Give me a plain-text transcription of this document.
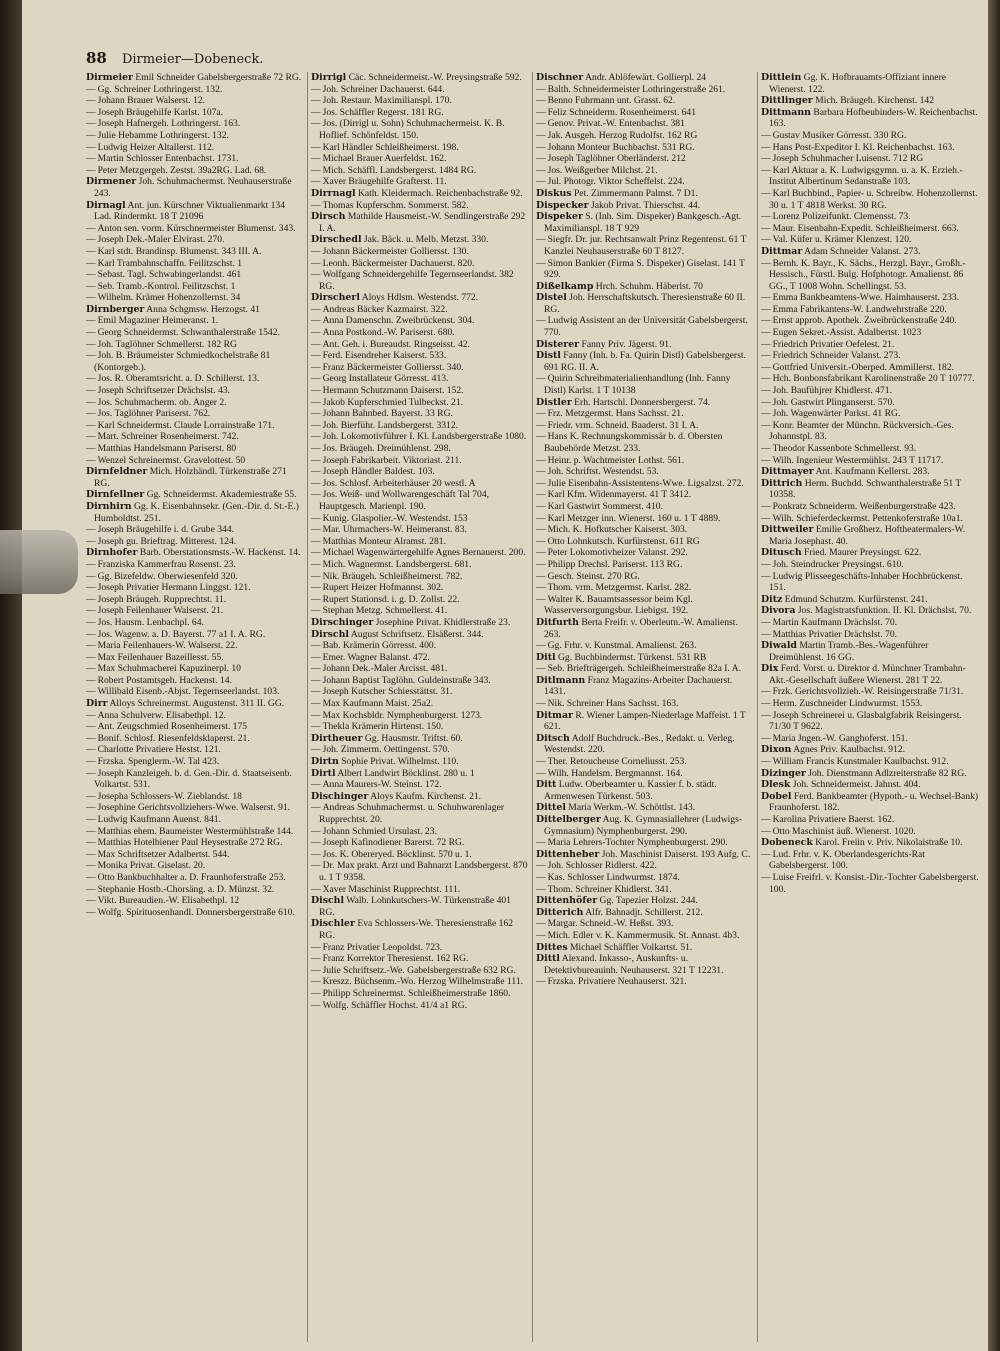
88 Dirmeier—Dobeneck.
Dirmeier Emil Schneider Gabelsbergerstraße 72 RG.
— Gg. Schreiner Lothringerst. 132.
— Johann Brauer Walserst. 12.
— Joseph Bräugehilfe Karlst. 107a.
— Joseph Hafnergeh. Lothringerst. 163.
— Julie Hebamme Lothringerst. 132.
— Ludwig Heizer Altallerst. 112.
— Martin Schlosser Entenbachst. 1731.
— Peter Metzgergeh. Zestst. 39a2RG. Lad. 68.
Dirmener Joh. Schuhmachermst. Neuhauserstraße 243.
Dirnagl Ant. jun. Kürschner Viktualienmarkt 134 Lad. Rindermkt. 18 T 21096
— Anton sen. vorm. Kürschnermeister Blumenst. 343.
— Joseph Dek.-Maler Elvirast. 270.
— Karl stdt. Brandinsp. Blumenst. 343 III. A.
— Karl Trambahnschaffn. Feilitzschst. 1
— Sebast. Tagl. Schwabingerlandst. 461
— Seb. Tramb.-Kontrol. Feilitzschst. 1
— Wilhelm. Krämer Hohenzollernst. 34
Dirnberger Anna Schgmsw. Herzogst. 41
— Emil Magaziner Heimeranst. 1.
— Georg Schneidermst. Schwanthalerstraße 1542.
— Joh. Taglöhner Schmellerst. 182 RG
— Joh. B. Bräumeister Schmiedkochelstraße 81 (Kontorgeb.).
— Jos. R. Oberamtsricht. a. D. Schillerst. 13.
— Joseph Schriftsetzer Drächslst. 43.
— Jos. Schuhmacherm. ob. Anger 2.
— Jos. Taglöhner Pariserst. 762.
— Karl Schneidermst. Claude Lorrainstraße 171.
— Mart. Schreiner Rosenheimerst. 742.
— Matthias Handelsmann Pariserst. 80
— Wenzel Schreinermst. Gravelottest. 50
Dirnfeldner Mich. Holzhändl. Türkenstraße 271 RG.
Dirnfellner Gg. Schneidermst. Akademiestraße 55.
Dirnhirn Gg. K. Eisenbahnsekr. (Gen.-Dir. d. St.-E.) Humboldtst. 251.
— Joseph Bräugehilfe i. d. Grube 344.
— Joseph gu. Brieftrag. Mitterest. 124.
Dirnhofer Barb. Oberstationsmsts.-W. Hackenst. 14.
— Franziska Kammerfrau Rosenst. 23.
— Gg. Bizefeldw. Oberwiesenfeld 320.
— Joseph Privatier Hermann Linggst. 121.
— Joseph Bräugeh. Rupprechtst. 11.
— Joseph Feilenhauer Walserst. 21.
— Jos. Hausm. Lenbachpl. 64.
— Jos. Wagenw. a. D. Bayerst. 77 a1 I. A. RG.
— Maria Feilenhauers-W. Walserst. 22.
— Max Feilenhauer Bazeillesst. 55.
— Max Schuhmacherei Kapuzinerpl. 10
— Robert Postamtsgeh. Hackenst. 14.
— Willibald Eisenb.-Abjst. Tegernseerlandst. 103.
Dirr Alloys Schreinermst. Augustenst. 311 II. GG.
— Anna Schulverw. Elisabethpl. 12.
— Ant. Zeugschmied Rosenheimerst. 175
— Bonif. Schlosf. Riesenfeldsklaperst. 21.
— Charlotte Privatiere Hestst. 121.
— Frzska. Spenglerm.-W. Tal 423.
— Joseph Kanzleigeh. b. d. Gen.-Dir. d. Staatseisenb. Volkartst. 531.
— Josepha Schlossers-W. Zieblandst. 18
— Josephine Gerichtsvollziehers-Wwe. Walserst. 91.
— Ludwig Kaufmann Auenst. 841.
— Matthias ehem. Baumeister Westermühlstraße 144.
— Matthias Hotelbiener Paul Heysestraße 272 RG.
— Max Schriftsetzer Adalbertst. 544.
— Monika Privat. Giselast. 20.
— Otto Bankbuchhalter a. D. Fraunhoferstraße 253.
— Stephanie Hostb.-Chorsäng. a. D. Münzst. 32.
— Vikt. Bureaudien.-W. Elisabethpl. 12
— Wolfg. Spirituosenhandl. Donnersbergerstraße 610.
Dirrigl Cäc. Schneidermeist.-W. Preysingstraße 592.
— Joh. Schreiner Dachauerst. 644.
— Joh. Restaur. Maximilianspl. 170.
— Jos. Schäffler Regerst. 181 RG.
— Jos. (Dirrigl u. Sohn) Schuhmachermeist. K. B. Hoflief. Schönfeldst. 150.
— Karl Händler Schleißheimerst. 198.
— Michael Brauer Auerfeldst. 162.
— Mich. Schäffl. Landsbergerst. 1484 RG.
— Xaver Bräugehilfe Grafterst. 11.
Dirrnagl Kath. Kleidermach. Reichenbachstraße 92.
— Thomas Kupferschm. Sommerst. 582.
Dirsch Mathilde Hausmeist.-W. Sendlingerstraße 292 I. A.
Dirschedl Jak. Bäck. u. Melb. Metzst. 330.
— Johann Bäckermeister Golliersst. 130.
— Leonh. Bäckermeister Dachauerst. 820.
— Wolfgang Schneidergehilfe Tegernseerlandst. 382 RG.
Dirscherl Aloys Hdlsm. Westendst. 772.
— Andreas Bäcker Kazmairst. 322.
— Anna Damenschn. Zweibrückenst. 304.
— Anna Postkond.-W. Pariserst. 680.
— Ant. Geh. i. Bureaudst. Ringseisst. 42.
— Ferd. Eisendreher Kaiserst. 533.
— Franz Bäckermeister Golliersst. 340.
— Georg Installateur Görresst. 413.
— Hermann Schutzmann Daiserst. 152.
— Jakob Kupferschmied Tulbeckst. 21.
— Johann Bahnbed. Bayerst. 33 RG.
— Joh. Bierführ. Landsbergerst. 3312.
— Joh. Lokomotivführer I. Kl. Landsbergerstraße 1080.
— Jos. Bräugeh. Dreimühlenst. 298.
— Joseph Fabrikarbeit. Viktoriast. 211.
— Joseph Händler Baldest. 103.
— Jos. Schlosf. Arbeiterhäuser 20 westl. A
— Jos. Weiß- und Wollwarengeschäft Tal 704, Hauptgesch. Marienpl. 190.
— Kunig. Glaspolier.-W. Westendst. 153
— Mar. Uhrmachers-W. Heimeranst. 83.
— Matthias Monteur Alramst. 281.
— Michael Wagenwärtergehilfe Agnes Bernauerst. 200.
— Mich. Wagnermst. Landsbergerst. 681.
— Nik. Bräugeh. Schleißheimerst. 782.
— Rupert Heizer Hofmannst. 302.
— Rupert Stationsd. i. g. D. Zollst. 22.
— Stephan Metzg. Schmellerst. 41.
Dirschinger Josephine Privat. Khidlerstraße 23.
Dirschl August Schriftsetz. Elsäßerst. 344.
— Bab. Krämerin Görresst. 400.
— Emer. Wagner Balanst. 472.
— Johann Dek.-Maler Arcisst. 481.
— Johann Baptist Taglöhn. Guldeinstraße 343.
— Joseph Kutscher Schiesstättst. 31.
— Max Kaufmann Maist. 25a2.
— Max Kochsbldr. Nymphenburgerst. 1273.
— Thekla Krämerin Hirtenst. 150.
Dirtheuer Gg. Hausmstr. Triftst. 60.
— Joh. Zimmerm. Oettingenst. 570.
Dirtn Sophie Privat. Wilhelmst. 110.
Dirtl Albert Landwirt Böcklinst. 280 u. 1
— Anna Maurers-W. Steinst. 172.
Dischinger Aloys Kaufm. Kirchenst. 21.
— Andreas Schuhmachermst. u. Schuhwarenlager Rupprechtst. 20.
— Johann Schmied Ursulast. 23.
— Joseph Kafinodiener Barerst. 72 RG.
— Jos. K. Obereryed. Böcklinst. 570 u. 1.
— Dr. Max prakt. Arzt und Bahnarzt Landsbergerst. 870 u. 1 T 9358.
— Xaver Maschinist Rupprechtst. 111.
Dischl Walb. Lohnkutschers-W. Türkenstraße 401 RG.
Dischler Eva Schlossers-We. Theresienstraße 162 RG.
— Franz Privatier Leopoldst. 723.
— Franz Korrektor Theresienst. 162 RG.
— Julie Schriftsetz.-We. Gabelsbergerstraße 632 RG.
— Kreszz. Büchsenm.-Wo. Herzog Wilhelmstraße 111.
— Philipp Schreinermst. Schleißheimerstraße 1860.
— Wolfg. Schäffler Hochst. 41/4 a1 RG.
Dischner Andr. Ablöfewärt. Gollierpl. 24
— Balth. Schneidermeister Lothringerstraße 261.
— Benno Fuhrmann unt. Grasst. 62.
— Feliz Schneiderm. Rosenheimerst. 641
— Genov. Privat.-W. Entenbachst. 381
— Jak. Ausgeh. Herzog Rudolfst. 162 RG
— Johann Monteur Buchbachst. 531 RG.
— Joseph Taglöhner Oberländerst. 212
— Jos. Weißgerber Milchst. 21.
— Jul. Photogr. Viktor Scheffelst. 224.
Diskus Pet. Zimmermann Palmst. 7 D1.
Dispecker Jakob Privat. Thierschst. 44.
Dispeker S. (Inh. Sim. Dispeker) Bankgesch.-Agt. Maximilianspl. 18 T 929
— Siegfr. Dr. jur. Rechtsanwalt Prinz Regentenst. 61 T Kanzlei Neuhauserstraße 60 T 8127.
— Simon Bankier (Firma S. Dispeker) Giselast. 141 T 929.
Dißelkamp Hrch. Schuhm. Häberlst. 70
Distel Joh. Herrschaftskutsch. Theresienstraße 60 II. RG.
— Ludwig Assistent an der Universität Gabelsbergerst. 770.
Disterer Fanny Priv. Jägerst. 91.
Distl Fanny (Inh. b. Fa. Quirin Distl) Gabelsbergerst. 691 RG. II. A.
— Quirin Schreibmaterialienhandlung (Inh. Fanny Distl) Karlst. 1 T 10138
Distler Erh. Hartschl. Donnersbergerst. 74.
— Frz. Metzgermst. Hans Sachsst. 21.
— Friedr. vrm. Schneid. Baaderst. 31 I. A.
— Hans K. Rechnungskommissär b. d. Obersten Baubehörde Metzst. 233.
— Heinr. p. Wachtmeister Lothst. 561.
— Joh. Schriftst. Westendst. 53.
— Julie Eisenbahn-Assistentens-Wwe. Ligsalzst. 272.
— Karl Kfm. Widenmayerst. 41 T 3412.
— Karl Gastwirt Sommerst. 410.
— Karl Metzger inn. Wienerst. 160 u. 1 T 4889.
— Mich. K. Hofkutscher Kaiserst. 303.
— Otto Lohnkutsch. Kurfürstenst. 611 RG
— Peter Lokomotivheizer Valanst. 292.
— Philipp Drechsl. Pariserst. 113 RG.
— Gesch. Steinst. 270 RG.
— Thom. vrm. Metzgermst. Karlst. 282.
— Walter K. Bauamtsassessor beim Kgl. Wasserversorgungsbur. Liebigst. 192.
Ditfurth Berta Freifr. v. Oberleutn.-W. Amalienst. 263.
— Gg. Frhr. v. Kunstmal. Amalienst. 263.
Ditl Gg. Buchbindermst. Türkenst. 531 RB
— Seb. Briefträgergeh. Schleißheimerstraße 82a I. A.
Ditlmann Franz Magazins-Arbeiter Dachauerst. 1431.
— Nik. Schreiner Hans Sachsst. 163.
Ditmar R. Wiener Lampen-Niederlage Maffeist. 1 T 621.
Ditsch Adolf Buchdruck.-Bes., Redakt. u. Verleg. Westendst. 220.
— Ther. Retoucheuse Corneliusst. 253.
— Wilh. Handelsm. Bergmannst. 164.
Ditt Ludw. Oberbeamter u. Kassier f. b. städt. Armenwesen Türkenst. 503.
Dittel Maria Werkm.-W. Schöttlst. 143.
Dittelberger Aug. K. Gymnasiallehrer (Ludwigs-Gymnasium) Nymphenburgerst. 290.
— Maria Lehrers-Tochter Nymphenburgerst. 290.
Dittenheber Joh. Maschinist Daiserst. 193 Aufg. C.
— Joh. Schlosser Ridlerst. 422.
— Kas. Schlosser Lindwurmst. 1874.
— Thom. Schreiner Khidlerst. 341.
Dittenhöfer Gg. Tapezier Holzst. 244.
Ditterich Alfr. Bahnadjt. Schillerst. 212.
— Margar. Schneid.-W. Heßst. 393.
— Mich. Edler v. K. Kammermusik. St. Annast. 4b3.
Dittes Michael Schäffler Volkartst. 51.
Dittl Alexand. Inkasso-, Auskunfts- u. Detektivbureauinh. Neuhauserst. 321 T 12231.
— Frzska. Privatiere Neuhauserst. 321.
Dittlein Gg. K. Hofbrauamts-Offiziant innere Wienerst. 122.
Dittlinger Mich. Bräugeh. Kirchenst. 142
Dittmann Barbara Hofbeubinders-W. Reichenbachst. 163.
— Gustav Musiker Görresst. 330 RG.
— Hans Post-Expeditor I. Kl. Reichenbachst. 163.
— Joseph Schuhmacher Luisenst. 712 RG
— Karl Aktuar a. K. Ludwigsgymn. u. a. K. Erzieh.-Institut Albertinum Sedanstraße 103.
— Karl Buchbind., Papier- u. Schreibw. Hohenzollernst. 30 u. 1 T 4818 Werkst. 30 RG.
— Lorenz Polizeifunkt. Clemensst. 73.
— Maur. Eisenbahn-Expedit. Schleißheimerst. 663.
— Val. Küfer u. Krämer Klenzest. 120.
Dittmar Adam Schneider Valanst. 273.
— Bernh. K. Bayr., K. Sächs., Herzgl. Bayr., Großh.-Hessisch., Fürstl. Bulg. Hofphotogr. Amalienst. 86 GG., T 1008 Wohn. Schellingst. 53.
— Emma Bankbeamtens-Wwe. Haimhauserst. 233.
— Emma Fabrikantens-W. Landwehrstraße 220.
— Ernst approb. Apothek. Zweibrückenstraße 240.
— Eugen Sekret.-Assist. Adalbertst. 1023
— Friedrich Privatier Oefelest. 21.
— Friedrich Schneider Valanst. 273.
— Gottfried Universit.-Oberped. Ammillerst. 182.
— Hch. Bonbonsfabrikant Karolinenstraße 20 T 10777.
— Joh. Baufühjrer Khidlerst. 471.
— Joh. Gastwirt Plinganserst. 570.
— Joh. Wagenwärter Parkst. 41 RG.
— Konr. Beamter der Münchn. Rückversich.-Ges. Johannstpl. 83.
— Theodor Kassenbote Schmellerst. 93.
— Wilh. Ingenieur Westermühlst. 243 T 11717.
Dittmayer Ant. Kaufmann Kellerst. 283.
Dittrich Herm. Buchdd. Schwanthalerstraße 51 T 10358.
— Ponkratz Schneiderm. Weißenburgerstraße 423.
— Wilh. Schieferdeckermst. Pettenkoferstraße 10a1.
Dittweiler Emilie Großherz. Hoftheatermalers-W. Maria Josephast. 40.
Ditusch Fried. Maurer Preysingst. 622.
— Joh. Steindrucker Preysingst. 610.
— Ludwig Plisseegeschäfts-Inhaber Hochbrückenst. 151.
Ditz Edmund Schutzm. Kurfürstenst. 241.
Divora Jos. Magistratsfunktion. II. Kl. Drächslst. 70.
— Martin Kaufmann Drächslst. 70.
— Matthias Privatier Drächslst. 70.
Diwald Martin Tramb.-Bes.-Wagenführer Dreimühlenst. 16 GG.
Dix Ferd. Vorst. u. Direktor d. Münchner Trambahn-Akt.-Gesellschaft äußere Wienerst. 281 T 22.
— Frzk. Gerichtsvollzieh.-W. Reisingerstraße 71/31.
— Herm. Zuschneider Lindwurmst. 1553.
— Joseph Schreinerei u. Glasbalgfabrik Reisingerst. 71/30 T 9622.
— Maria Jngen.-W. Ganghoferst. 151.
Dixon Agnes Priv. Kaulbachst. 912.
— William Francis Kunstmaler Kaulbachst. 912.
Dizinger Joh. Dienstmann Adlzreiterstraße 82 RG.
Dlesk Joh. Schneidermeist. Jahnst. 404.
Dobel Ferd. Bankbeamter (Hypoth.- u. Wechsel-Bank) Fraunhoferst. 182.
— Karolina Privatiere Baerst. 162.
— Otto Maschinist äuß. Wienerst. 1020.
Dobeneck Karol. Freiin v. Priv. Nikolaistraße 10.
— Lud. Frhr. v. K. Oberlandesgerichts-Rat Gabelsbergerst. 100.
— Luise Freifrl. v. Konsist.-Dir.-Tochter Gabelsbergerst. 100.
